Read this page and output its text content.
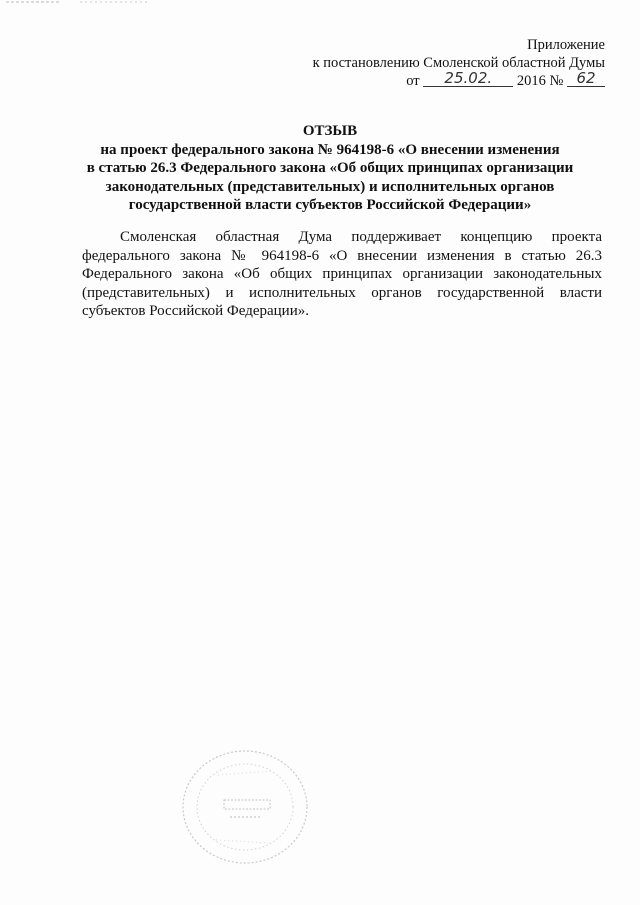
Приложение
к постановлению Смоленской областной Думы
от 25.02. 2016 № 62
ОТЗЫВ
на проект федерального закона № 964198-6 «О внесении изменения
в статью 26.3 Федерального закона «Об общих принципах организации
законодательных (представительных) и исполнительных органов
государственной власти субъектов Российской Федерации»
Смоленская областная Дума поддерживает концепцию проекта федерального закона № 964198-6 «О внесении изменения в статью 26.3 Федерального закона «Об общих принципах организации законодательных (представительных) и исполнительных органов государственной власти субъектов Российской Федерации».
